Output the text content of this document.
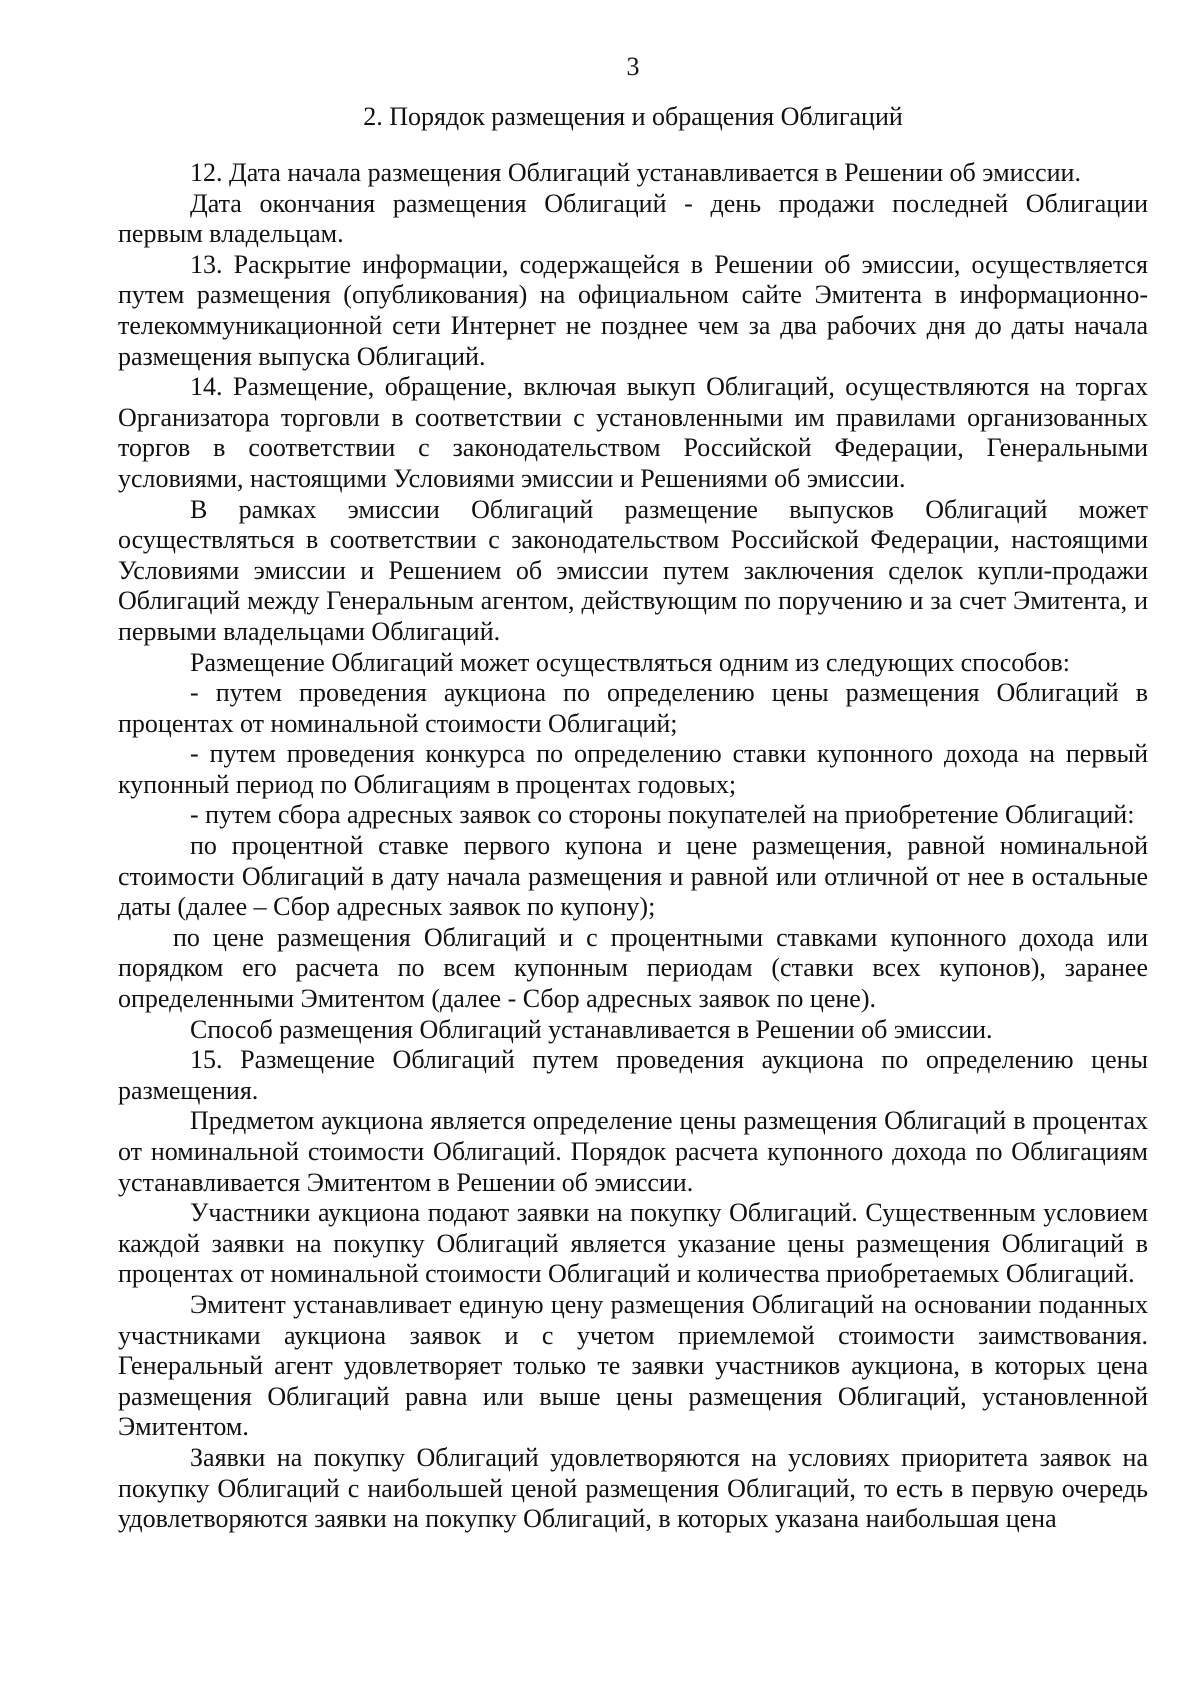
3
2. Порядок размещения и обращения Облигаций

12. Дата начала размещения Облигаций устанавливается в Решении об эмиссии.

Дата окончания размещения Облигаций - день продажи последней Облигации первым владельцам.

13. Раскрытие информации, содержащейся в Решении об эмиссии, осуществляется путем размещения (опубликования) на официальном сайте Эмитента в информационно-телекоммуникационной сети Интернет не позднее чем за два рабочих дня до даты начала размещения выпуска Облигаций.

14. Размещение, обращение, включая выкуп Облигаций, осуществляются на торгах Организатора торговли в соответствии с установленными им правилами организованных торгов в соответствии с законодательством Российской Федерации, Генеральными условиями, настоящими Условиями эмиссии и Решениями об эмиссии.

В рамках эмиссии Облигаций размещение выпусков Облигаций может осуществляться в соответствии с законодательством Российской Федерации, настоящими Условиями эмиссии и Решением об эмиссии путем заключения сделок купли-продажи Облигаций между Генеральным агентом, действующим по поручению и за счет Эмитента, и первыми владельцами Облигаций.

Размещение Облигаций может осуществляться одним из следующих способов:

- путем проведения аукциона по определению цены размещения Облигаций в процентах от номинальной стоимости Облигаций;

- путем проведения конкурса по определению ставки купонного дохода на первый купонный период по Облигациям в процентах годовых;

- путем сбора адресных заявок со стороны покупателей на приобретение Облигаций:

по процентной ставке первого купона и цене размещения, равной номинальной стоимости Облигаций в дату начала размещения и равной или отличной от нее в остальные даты (далее – Сбор адресных заявок по купону);

по цене размещения Облигаций и с процентными ставками купонного дохода или порядком его расчета по всем купонным периодам (ставки всех купонов), заранее определенными Эмитентом (далее - Сбор адресных заявок по цене).

Способ размещения Облигаций устанавливается в Решении об эмиссии.

15. Размещение Облигаций путем проведения аукциона по определению цены размещения.

Предметом аукциона является определение цены размещения Облигаций в процентах от номинальной стоимости Облигаций. Порядок расчета купонного дохода по Облигациям устанавливается Эмитентом в Решении об эмиссии.

Участники аукциона подают заявки на покупку Облигаций. Существенным условием каждой заявки на покупку Облигаций является указание цены размещения Облигаций в процентах от номинальной стоимости Облигаций и количества приобретаемых Облигаций.

Эмитент устанавливает единую цену размещения Облигаций на основании поданных участниками аукциона заявок и с учетом приемлемой стоимости заимствования. Генеральный агент удовлетворяет только те заявки участников аукциона, в которых цена размещения Облигаций равна или выше цены размещения Облигаций, установленной Эмитентом.

Заявки на покупку Облигаций удовлетворяются на условиях приоритета заявок на покупку Облигаций с наибольшей ценой размещения Облигаций, то есть в первую очередь удовлетворяются заявки на покупку Облигаций, в которых указана наибольшая цена
